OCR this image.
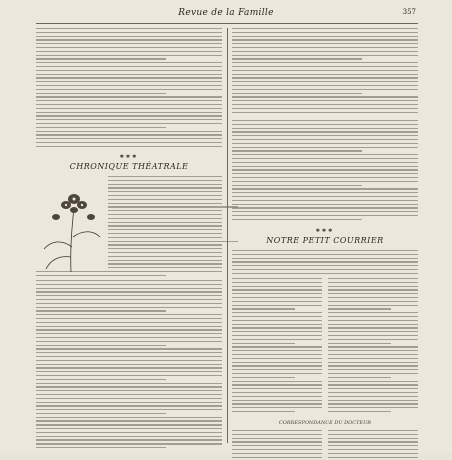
Revue de la Famille	357
✱✱✱
CHRONIQUE THÉATRALE
✱✱✱
NOTRE PETIT COURRIER
CORRESPONDANCE DU DOCTEUR
